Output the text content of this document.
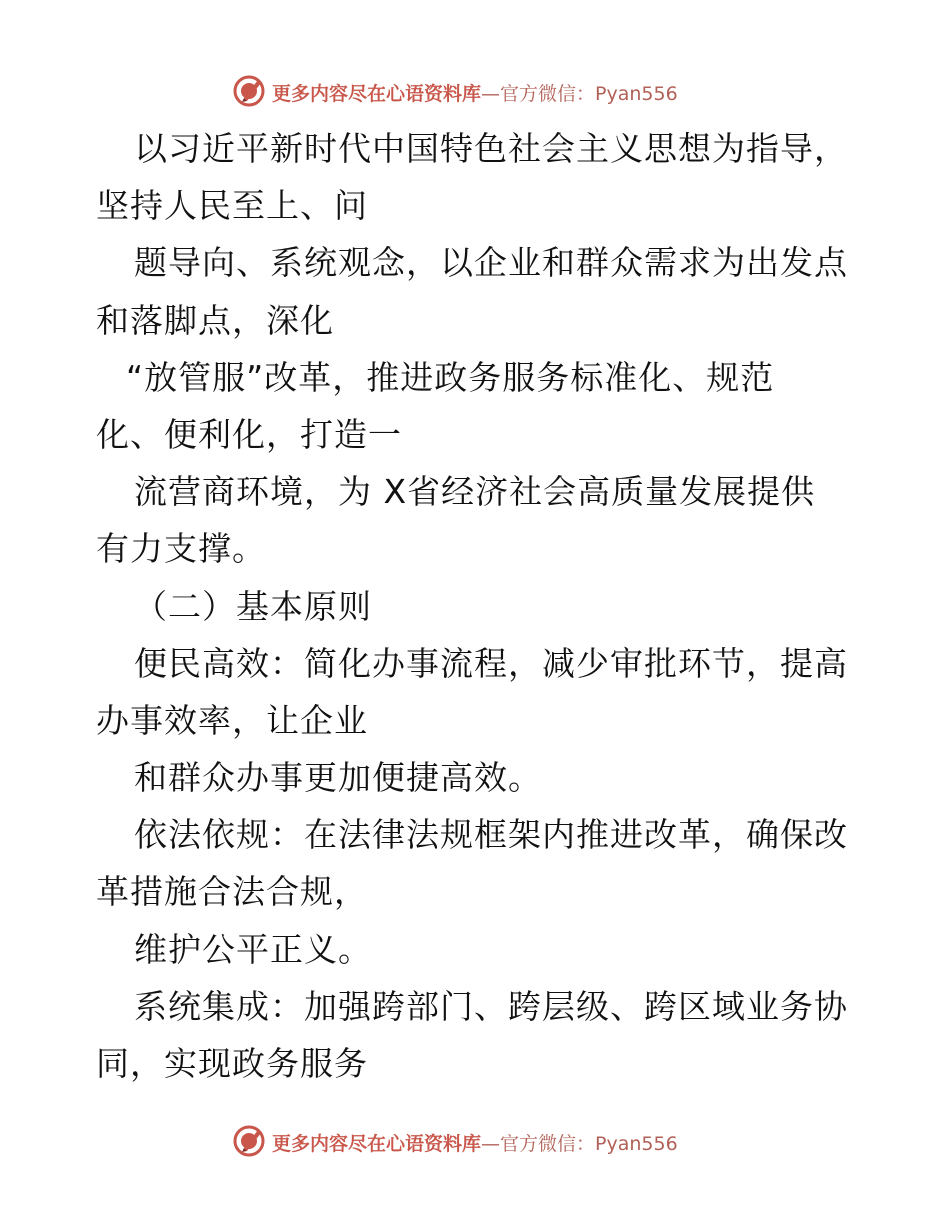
更多内容尽在心语资料库—官方微信：Pyan556
以习近平新时代中国特色社会主义思想为指导，
坚持人民至上、问
题导向、系统观念，以企业和群众需求为出发点
和落脚点，深化
“放管服”改革，推进政务服务标准化、规范
化、便利化，打造一
流营商环境，为 X省经济社会高质量发展提供
有力支撑。
（二）基本原则
便民高效：简化办事流程，减少审批环节，提高
办事效率，让企业
和群众办事更加便捷高效。
依法依规：在法律法规框架内推进改革，确保改
革措施合法合规，
维护公平正义。
系统集成：加强跨部门、跨层级、跨区域业务协
同，实现政务服务
更多内容尽在心语资料库—官方微信：Pyan556
